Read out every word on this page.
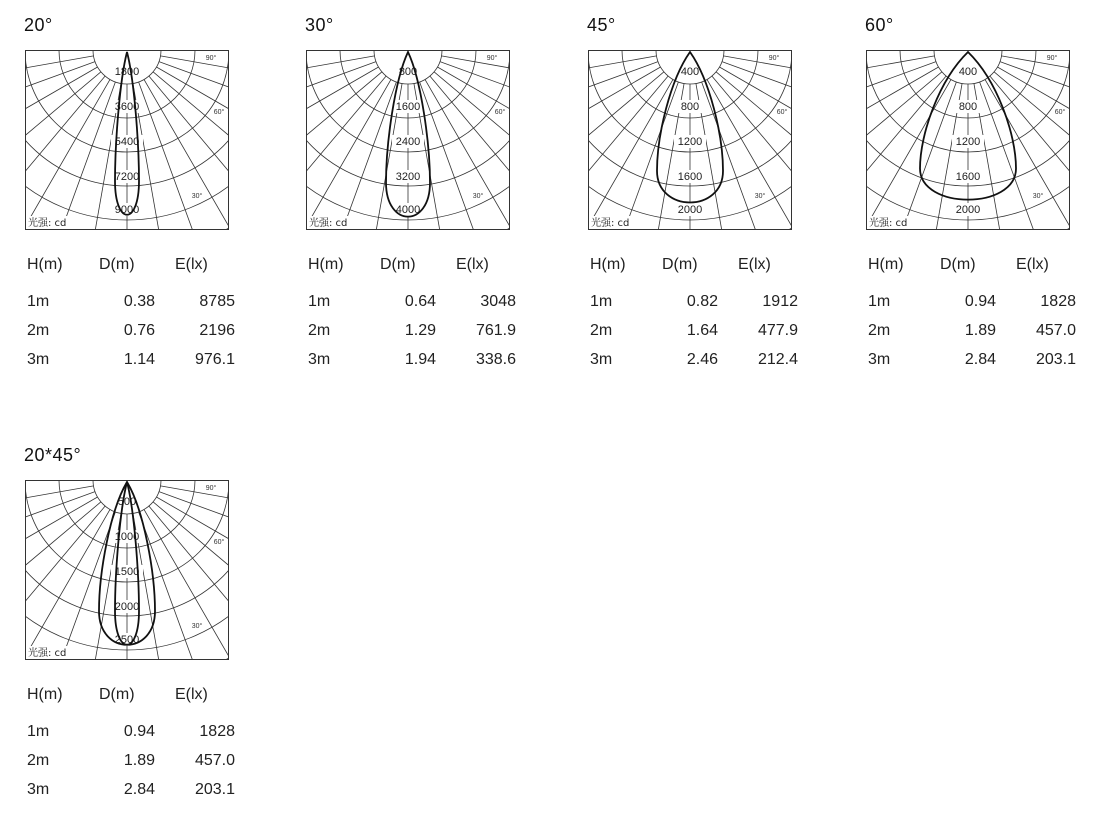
20°
1800
3600
5400
7200
9000
90°
60°
30°
光强: cd
H(m)	D(m)	E(lx)
1m	0.38	8785
2m	0.76	2196
3m	1.14	976.1
30°
800
1600
2400
3200
4000
90°
60°
30°
光强: cd
H(m)	D(m)	E(lx)
1m	0.64	3048
2m	1.29	761.9
3m	1.94	338.6
45°
400
800
1200
1600
2000
90°
60°
30°
光强: cd
H(m)	D(m)	E(lx)
1m	0.82	1912
2m	1.64	477.9
3m	2.46	212.4
60°
400
800
1200
1600
2000
90°
60°
30°
光强: cd
H(m)	D(m)	E(lx)
1m	0.94	1828
2m	1.89	457.0
3m	2.84	203.1
20*45°
500
1000
1500
2000
2500
90°
60°
30°
光强: cd
H(m)	D(m)	E(lx)
1m	0.94	1828
2m	1.89	457.0
3m	2.84	203.1
